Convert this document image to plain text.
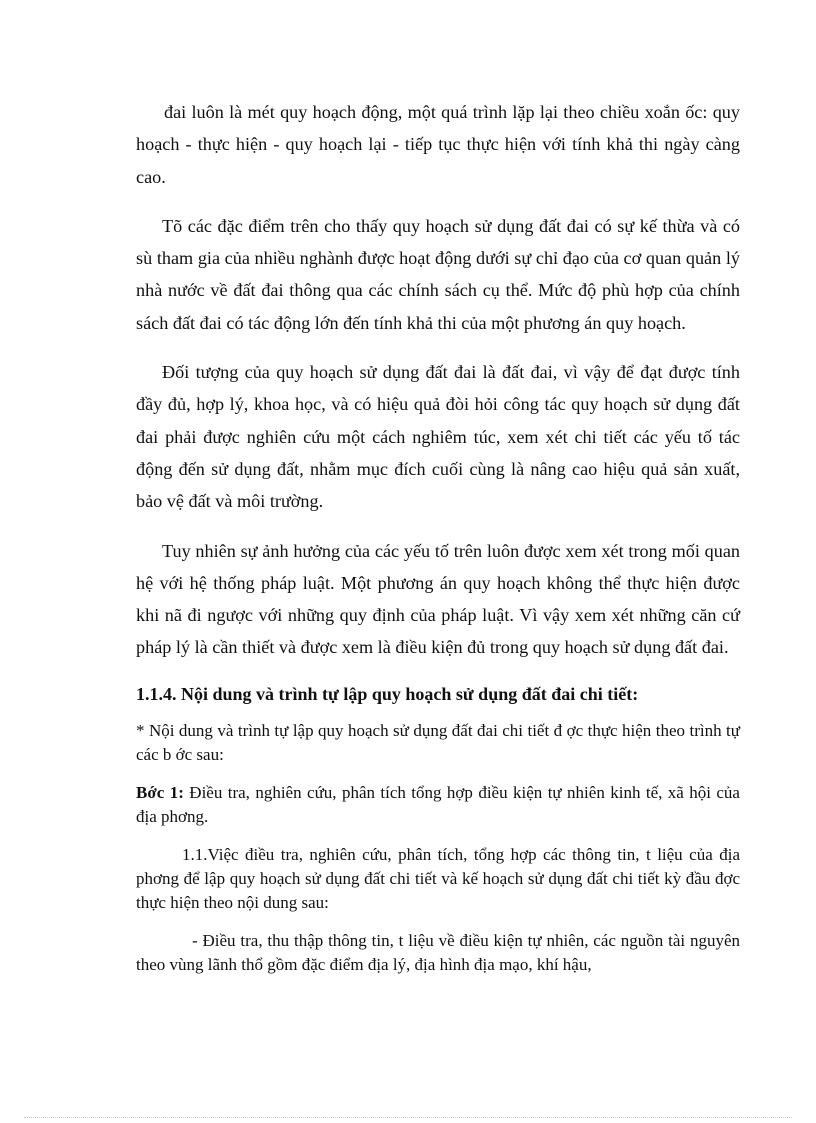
đai luôn là mét quy hoạch động, một quá trình lặp lại theo chiều xoắn ốc: quy hoạch - thực hiện - quy hoạch lại - tiếp tục thực hiện với tính khả thi ngày càng cao.

Tõ các đặc điểm trên cho thấy quy hoạch sử dụng đất đai có sự kế thừa và có sù tham gia của nhiều nghành được hoạt động dưới sự chỉ đạo của cơ quan quản lý nhà nước về đất đai thông qua các chính sách cụ thể. Mức độ phù hợp của chính sách đất đai có tác động lớn đến tính khả thi của một phương án quy hoạch.

Đối tượng của quy hoạch sử dụng đất đai là đất đai, vì vậy để đạt được tính đầy đủ, hợp lý, khoa học, và có hiệu quả đòi hỏi công tác quy hoạch sử dụng đất đai phải được nghiên cứu một cách nghiêm túc, xem xét chi tiết các yếu tố tác động đến sử dụng đất, nhằm mục đích cuối cùng là nâng cao hiệu quả sản xuất, bảo vệ đất và môi trường.

Tuy nhiên sự ảnh hưởng của các yếu tố trên luôn được xem xét trong mối quan hệ với hệ thống pháp luật. Một phương án quy hoạch không thể thực hiện được khi nã đi ngược với những quy định của pháp luật. Vì vậy xem xét những căn cứ pháp lý là cần thiết và được xem là điều kiện đủ trong quy hoạch sử dụng đất đai.

1.1.4. Nội dung và trình tự lập quy hoạch sử dụng đất đai chi tiết:
* Nội dung và trình tự lập quy hoạch sử dụng đất đai chi tiết đ ợc thực hiện theo trình tự các b ớc sau:
Bớc 1: Điều tra, nghiên cứu, phân tích tổng hợp điều kiện tự nhiên kinh tế, xã hội của địa phơng.
1.1.Việc điều tra, nghiên cứu, phân tích, tổng hợp các thông tin, t liệu của địa phơng để lập quy hoạch sử dụng đất chi tiết và kế hoạch sử dụng đất chi tiết kỳ đầu đợc thực hiện theo nội dung sau:
- Điều tra, thu thập thông tin, t liệu về điều kiện tự nhiên, các nguồn tài nguyên theo vùng lãnh thổ gồm đặc điểm địa lý, địa hình địa mạo, khí hậu,
